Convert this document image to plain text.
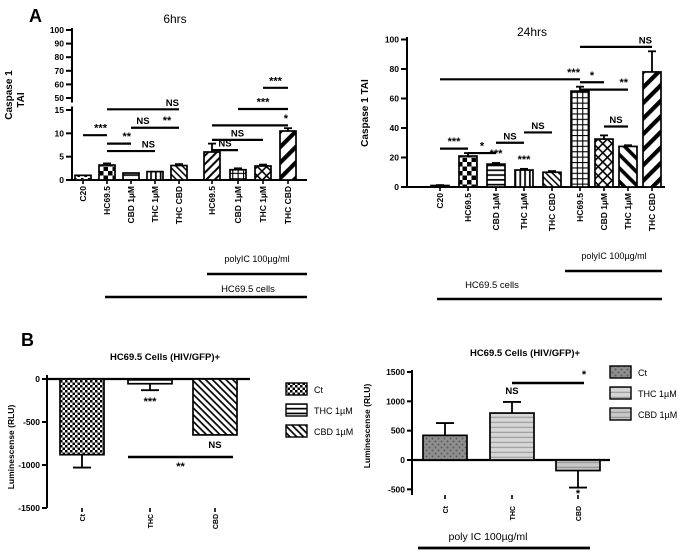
A
B
6hrs
Caspase 1 TAI
0
5
10
15
50
60
70
80
90
100
C20 HC69.5 CBD 1µM THC 1µM THC CBD	HC69.5 CBD 1µM THC 1µM THC CBD
***
**
NS
NS **
NS
NS
NS
*
***
***
polyIC 100µg/ml
HC69.5 cells
24hrs
Caspase 1 TAI
0
20
40
60
80
100
C20 HC69.5 CBD 1µM THC 1µM THC CBD HC69.5 CBD 1µM THC 1µM THC CBD
*** *
NS
NS
*** *
**
NS
NS
*** ***
polyIC 100µg/ml
HC69.5 cells
HC69.5 Cells (HIV/GFP)+
Luminescense (RLU)
0
-500
-1000
-1500
Ct	THC	CBD
**
***
NS
Ct
THC 1µM
CBD 1µM
HC69.5 Cells (HIV/GFP)+
Luminescense (RLU)
1500
1000
500
0
-500
Ct	THC	CBD
*
NS
*
Ct
THC 1µM
CBD 1µM
poly IC 100µg/ml
